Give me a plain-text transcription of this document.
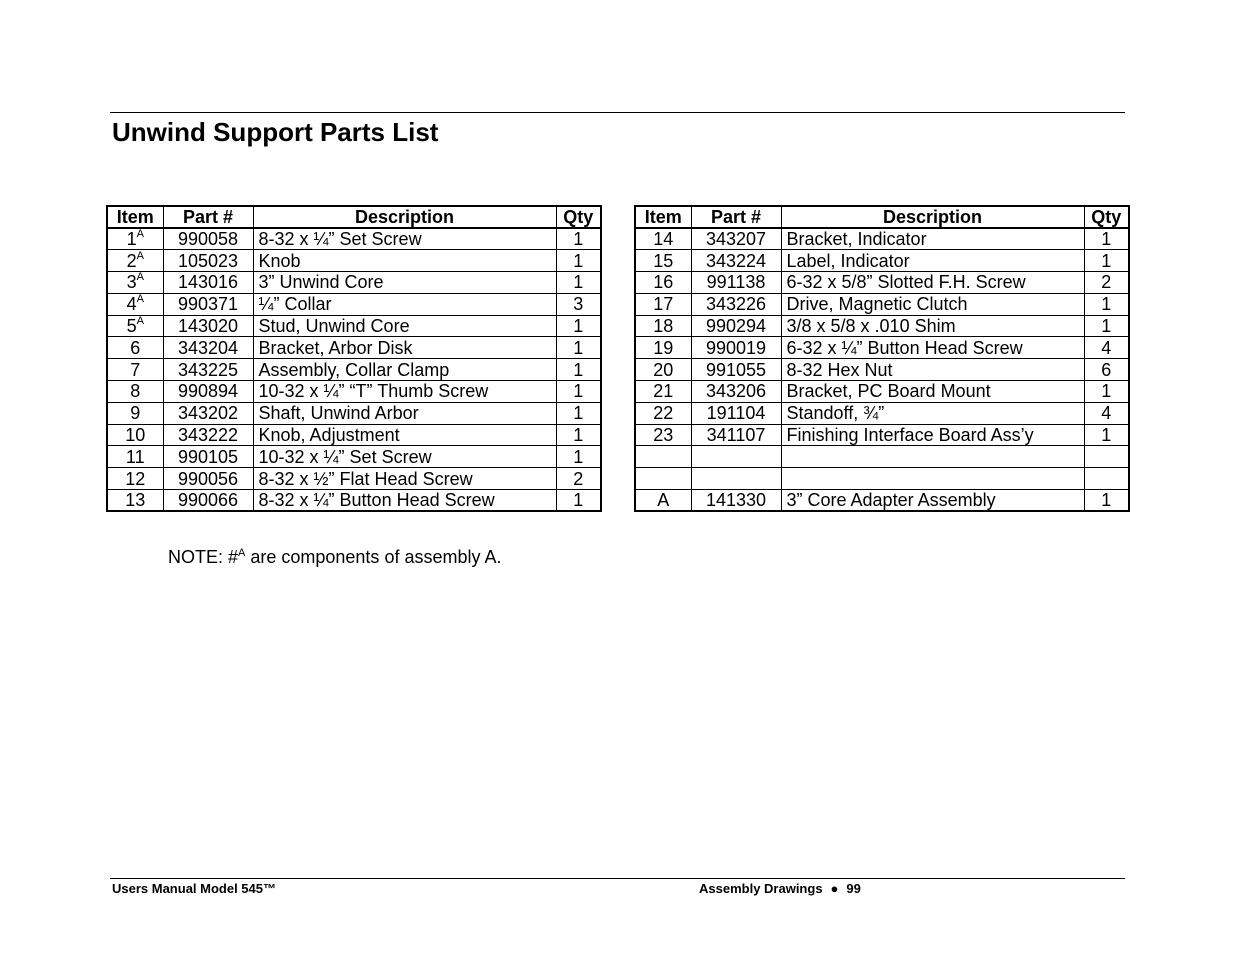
Unwind Support Parts List
Item	Part #	Description	Qty
$1^A$	990058	8-32 x ¼” Set Screw	1
$2^A$	105023	Knob	1
$3^A$	143016	3” Unwind Core	1
$4^A$	990371	¼” Collar	3
$5^A$	143020	Stud, Unwind Core	1
6	343204	Bracket, Arbor Disk	1
7	343225	Assembly, Collar Clamp	1
8	990894	10-32 x ¼” “T” Thumb Screw	1
9	343202	Shaft, Unwind Arbor	1
10	343222	Knob, Adjustment	1
11	990105	10-32 x ¼” Set Screw	1
12	990056	8-32 x ½” Flat Head Screw	2
13	990066	8-32 x ¼” Button Head Screw	1
Item	Part #	Description	Qty
14	343207	Bracket, Indicator	1
15	343224	Label, Indicator	1
16	991138	6-32 x 5/8” Slotted F.H. Screw	2
17	343226	Drive, Magnetic Clutch	1
18	990294	3/8 x 5/8 x .010 Shim	1
19	990019	6-32 x ¼” Button Head Screw	4
20	991055	8-32 Hex Nut	6
21	343206	Bracket, PC Board Mount	1
22	191104	Standoff, ¾”	4
23	341107	Finishing Interface Board Ass’y	1

A	141330	3” Core Adapter Assembly	1
NOTE: #$^A$ are components of assembly A.
Users Manual Model 545™	Assembly Drawings ● 99
